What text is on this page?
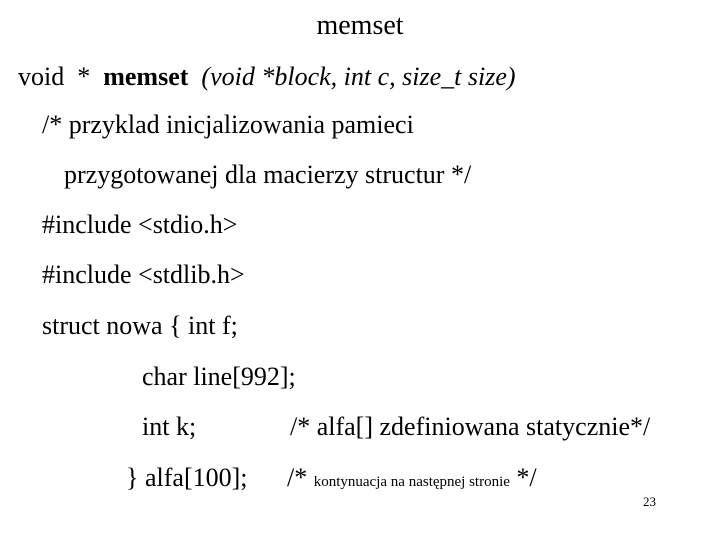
memset
void * memset (void *block, int c, size_t size)
/* przyklad inicjalizowania pamieci
przygotowanej dla macierzy structur */
#include <stdio.h>
#include <stdlib.h>
struct nowa { int f;
char line[992];
int k;	/* alfa[] zdefiniowana statycznie*/
} alfa[100]; /* kontynuacja na następnej stronie */
23
